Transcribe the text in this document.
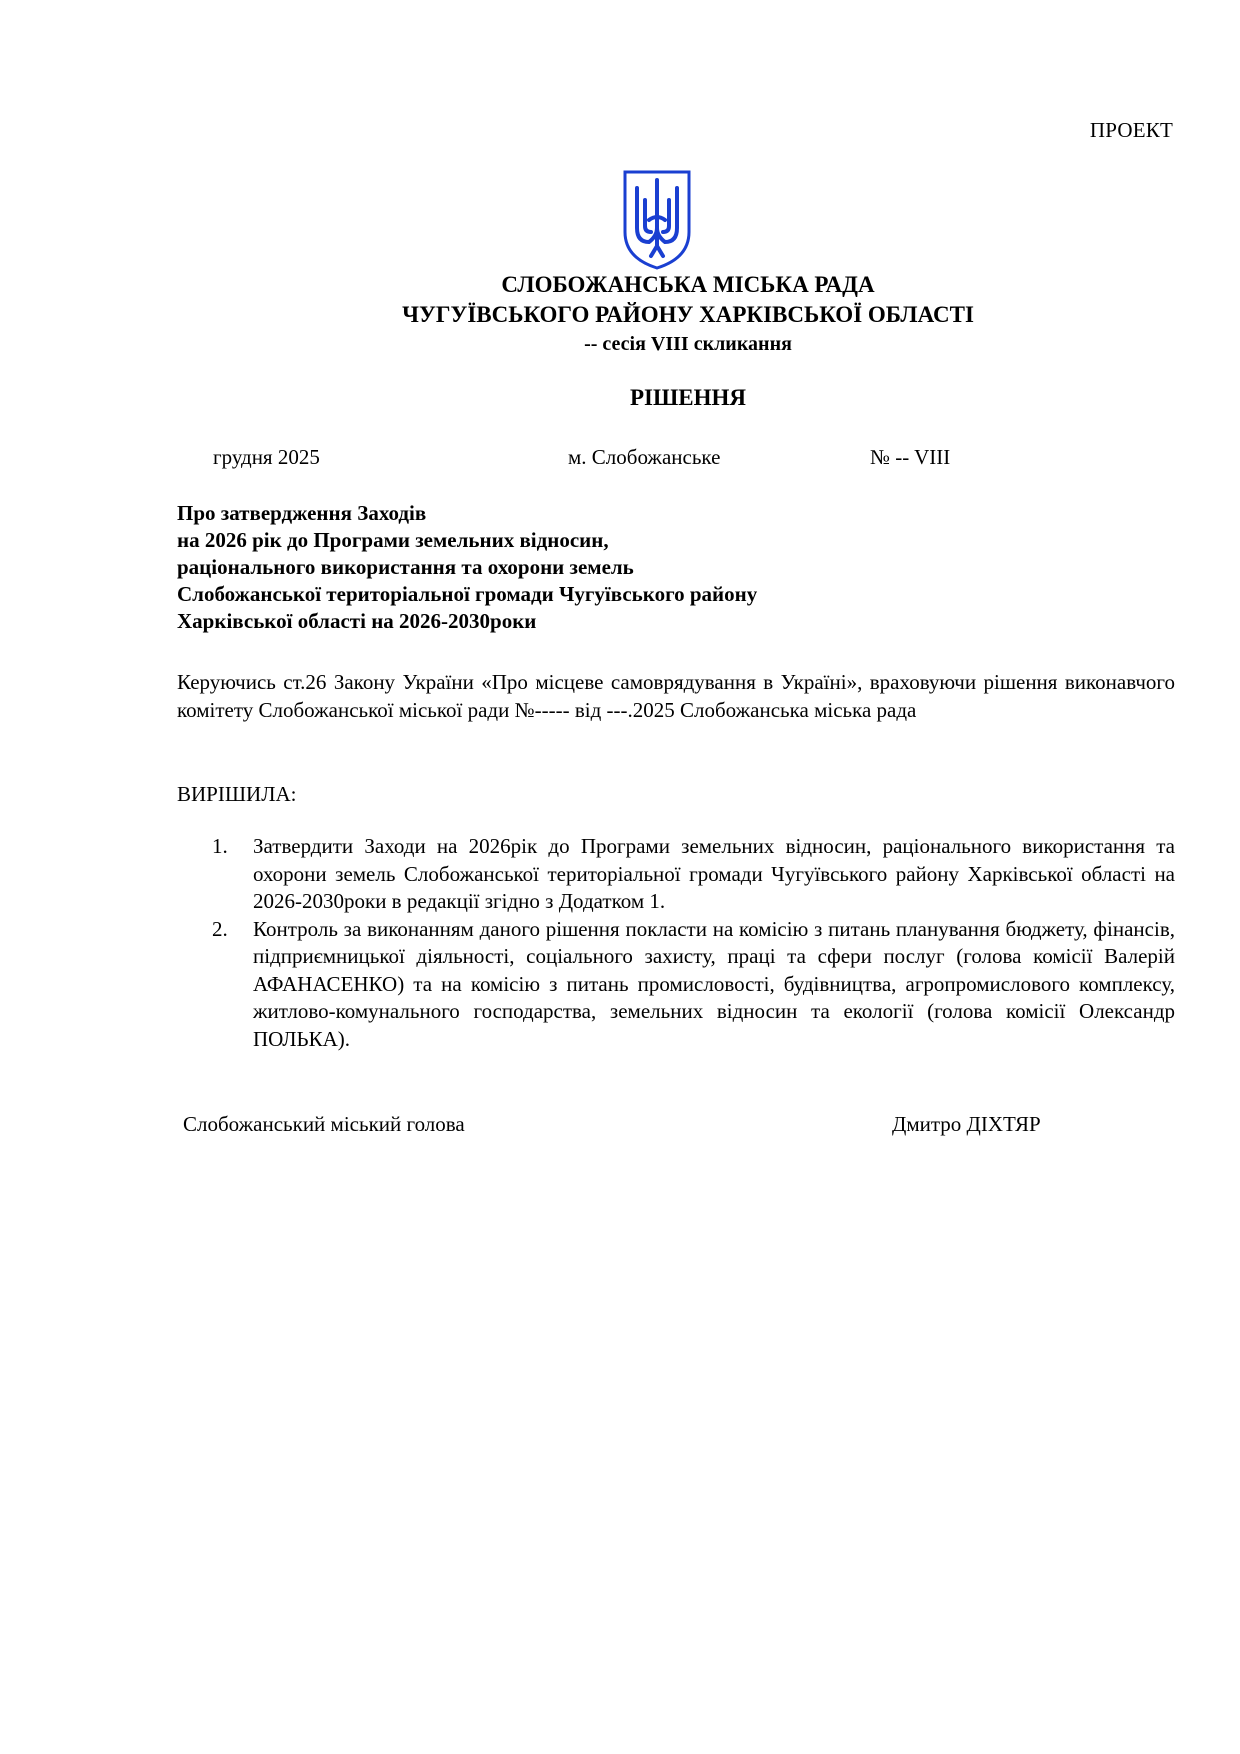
ПРОЕКТ
СЛОБОЖАНСЬКА МІСЬКА РАДА
ЧУГУЇВСЬКОГО РАЙОНУ ХАРКІВСЬКОЇ ОБЛАСТІ
-- сесія VIII скликання
РІШЕННЯ
грудня 2025	м. Слобожанське	№ -- VIII
Про затвердження Заходів
на 2026 рік до Програми земельних відносин,
раціонального використання та охорони земель
Слобожанської територіальної громади Чугуївського району
Харківської області на 2026-2030роки
Керуючись ст.26 Закону України «Про місцеве самоврядування в Україні», враховуючи рішення виконавчого комітету Слобожанської міської ради №----- від ---.2025 Слобожанська міська рада
ВИРІШИЛА:
1. Затвердити Заходи на 2026рік до Програми земельних відносин, раціонального використання та охорони земель Слобожанської територіальної громади Чугуївського району Харківської області на 2026-2030роки в редакції згідно з Додатком 1.
2. Контроль за виконанням даного рішення покласти на комісію з питань планування бюджету, фінансів, підприємницької діяльності, соціального захисту, праці та сфери послуг (голова комісії Валерій АФАНАСЕНКО) та на комісію з питань промисловості, будівництва, агропромислового комплексу, житлово-комунального господарства, земельних відносин та екології (голова комісії Олександр ПОЛЬКА).
Слобожанський міський голова	Дмитро ДІХТЯР
